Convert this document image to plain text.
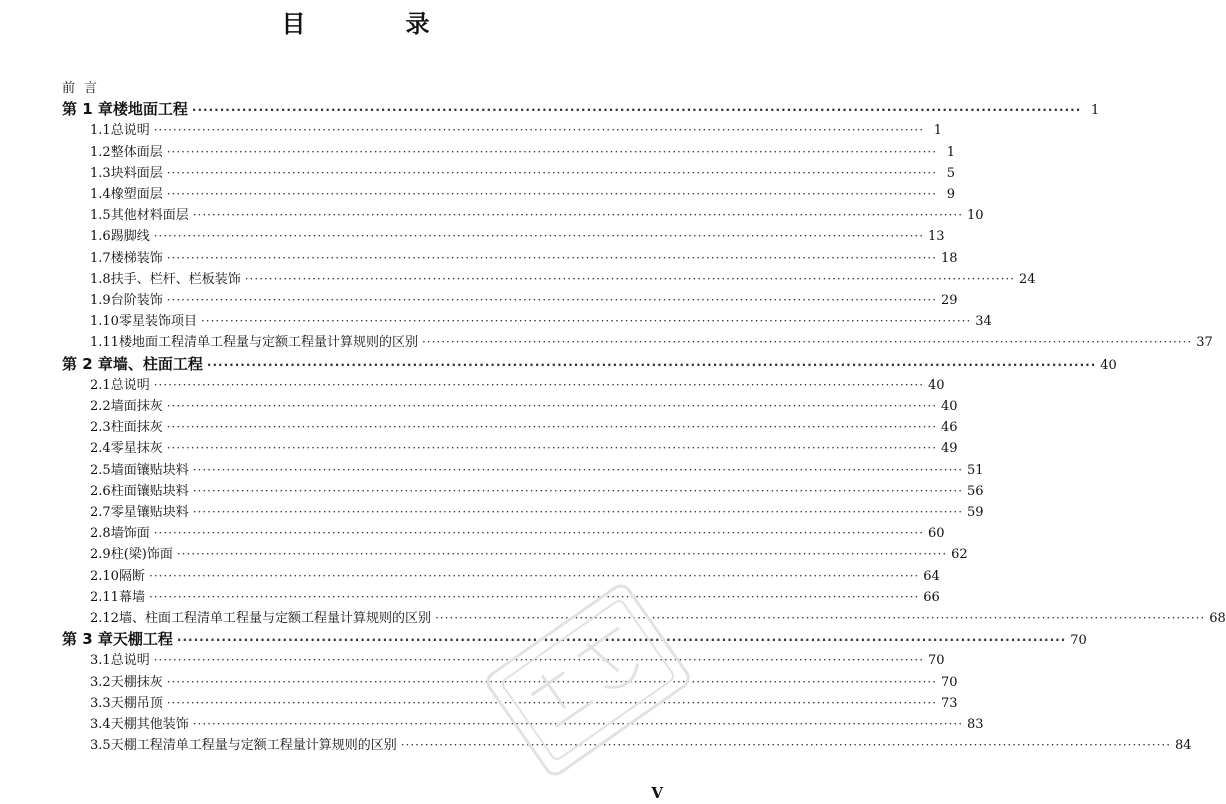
目　录
前言
第 1 章 楼地面工程 ································································································································································ 1
1.1 总说明 ································································································································································ 1
1.2 整体面层 ································································································································································ 1
1.3 块料面层 ································································································································································ 5
1.4 橡塑面层 ································································································································································ 9
1.5 其他材料面层 ································································································································································ 10
1.6 踢脚线 ································································································································································ 13
1.7 楼梯装饰 ································································································································································ 18
1.8 扶手、栏杆、栏板装饰 ································································································································································ 24
1.9 台阶装饰 ································································································································································ 29
1.10 零星装饰项目 ································································································································································ 34
1.11 楼地面工程清单工程量与定额工程量计算规则的区别 ································································································································································ 37
第 2 章 墙、柱面工程 ································································································································································ 40
2.1 总说明 ································································································································································ 40
2.2 墙面抹灰 ································································································································································ 40
2.3 柱面抹灰 ································································································································································ 46
2.4 零星抹灰 ································································································································································ 49
2.5 墙面镶贴块料 ································································································································································ 51
2.6 柱面镶贴块料 ································································································································································ 56
2.7 零星镶贴块料 ································································································································································ 59
2.8 墙饰面 ································································································································································ 60
2.9 柱(梁)饰面 ································································································································································ 62
2.10 隔断 ································································································································································ 64
2.11 幕墙 ································································································································································ 66
2.12 墙、柱面工程清单工程量与定额工程量计算规则的区别 ································································································································································ 68
第 3 章 天棚工程 ································································································································································ 70
3.1 总说明 ································································································································································ 70
3.2 天棚抹灰 ································································································································································ 70
3.3 天棚吊顶 ································································································································································ 73
3.4 天棚其他装饰 ································································································································································ 83
3.5 天棚工程清单工程量与定额工程量计算规则的区别 ································································································································································ 84
V
